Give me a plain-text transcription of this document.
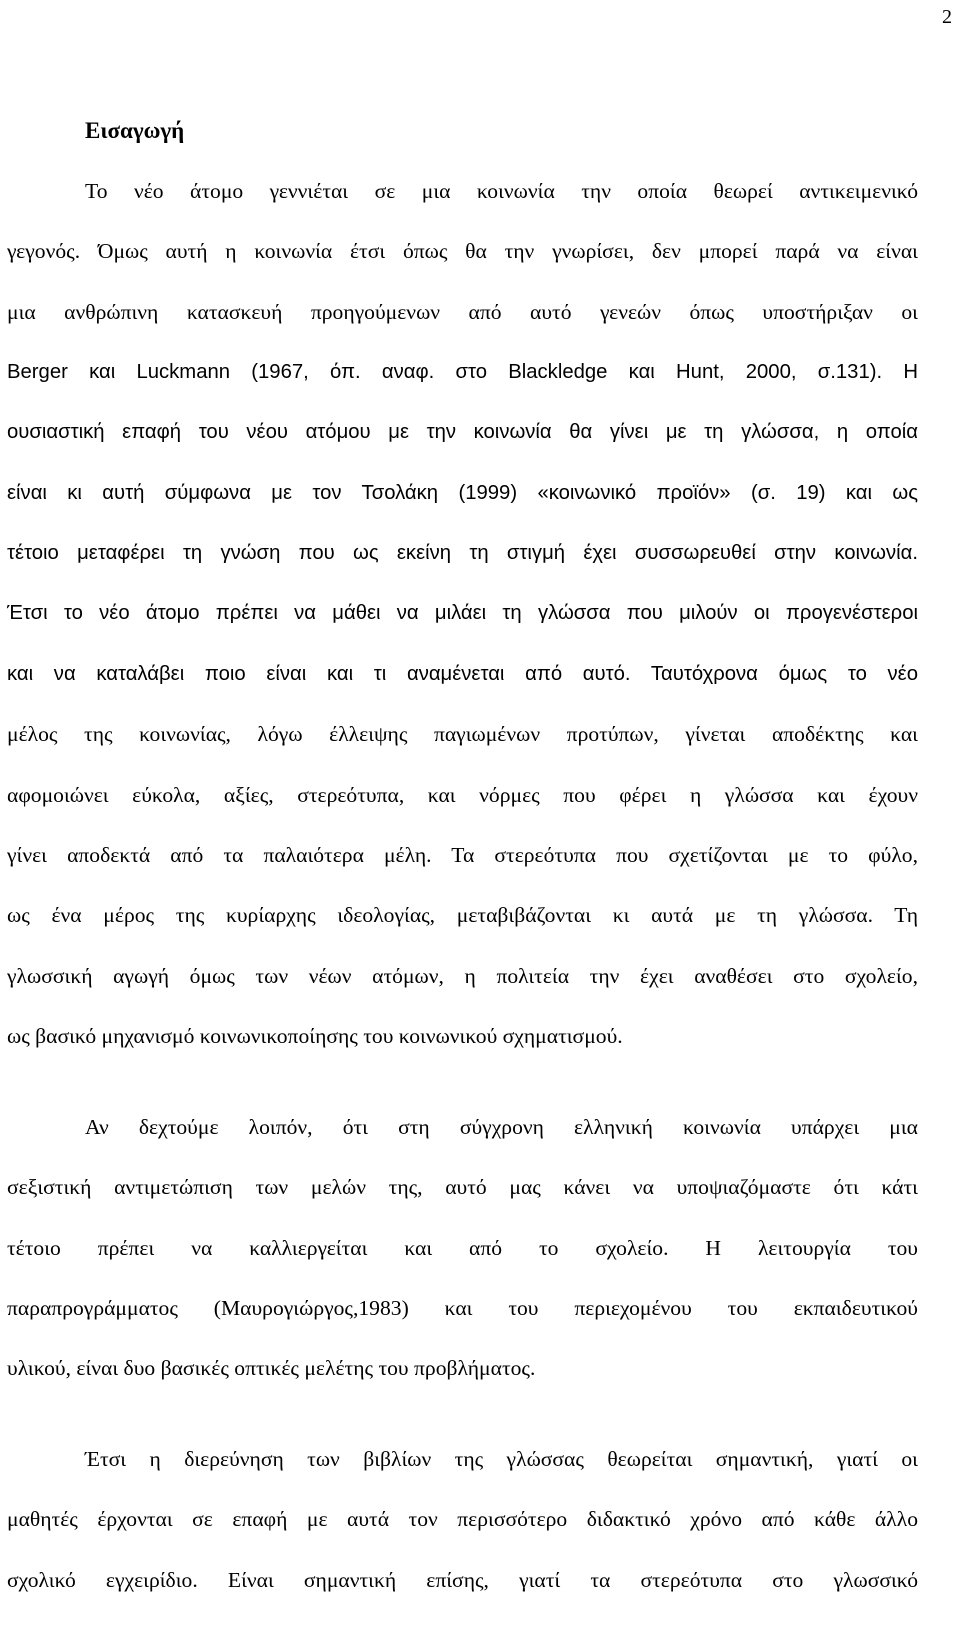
2
Εισαγωγή
Το νέο άτομο γεννιέται σε μια κοινωνία την οποία θεωρεί αντικειμενικό
γεγονός. Όμως αυτή η κοινωνία έτσι όπως θα την γνωρίσει, δεν μπορεί παρά να είναι
μια ανθρώπινη κατασκευή προηγούμενων από αυτό γενεών όπως υποστήριξαν οι
Berger και Luckmann (1967, όπ. αναφ. στο Blackledge και Hunt, 2000, σ.131). Η
ουσιαστική επαφή του νέου ατόμου με την κοινωνία θα γίνει με τη γλώσσα, η οποία
είναι κι αυτή σύμφωνα με τον Τσολάκη (1999) «κοινωνικό προϊόν» (σ. 19) και ως
τέτοιο μεταφέρει τη γνώση που ως εκείνη τη στιγμή έχει συσσωρευθεί στην κοινωνία.
Έτσι το νέο άτομο πρέπει να μάθει να μιλάει τη γλώσσα που μιλούν οι προγενέστεροι
και να καταλάβει ποιο είναι και τι αναμένεται από αυτό. Ταυτόχρονα όμως το νέο
μέλος της κοινωνίας, λόγω έλλειψης παγιωμένων προτύπων, γίνεται αποδέκτης και
αφομοιώνει εύκολα, αξίες, στερεότυπα, και νόρμες που φέρει η γλώσσα και έχουν
γίνει αποδεκτά από τα παλαιότερα μέλη. Τα στερεότυπα που σχετίζονται με το φύλο,
ως ένα μέρος της κυρίαρχης ιδεολογίας, μεταβιβάζονται κι αυτά με τη γλώσσα. Τη
γλωσσική αγωγή όμως των νέων ατόμων, η πολιτεία την έχει αναθέσει στο σχολείο,
ως βασικό μηχανισμό κοινωνικοποίησης του κοινωνικού σχηματισμού.
Αν δεχτούμε λοιπόν, ότι στη σύγχρονη ελληνική κοινωνία υπάρχει μια
σεξιστική αντιμετώπιση των μελών της, αυτό μας κάνει να υποψιαζόμαστε ότι κάτι
τέτοιο πρέπει να καλλιεργείται και από το σχολείο. Η λειτουργία του
παραπρογράμματος (Μαυρογιώργος,1983) και του περιεχομένου του εκπαιδευτικού
υλικού, είναι δυο βασικές οπτικές μελέτης του προβλήματος.
Έτσι η διερεύνηση των βιβλίων της γλώσσας θεωρείται σημαντική, γιατί οι
μαθητές έρχονται σε επαφή με αυτά τον περισσότερο διδακτικό χρόνο από κάθε άλλο
σχολικό εγχειρίδιο. Είναι σημαντική επίσης, γιατί τα στερεότυπα στο γλωσσικό
